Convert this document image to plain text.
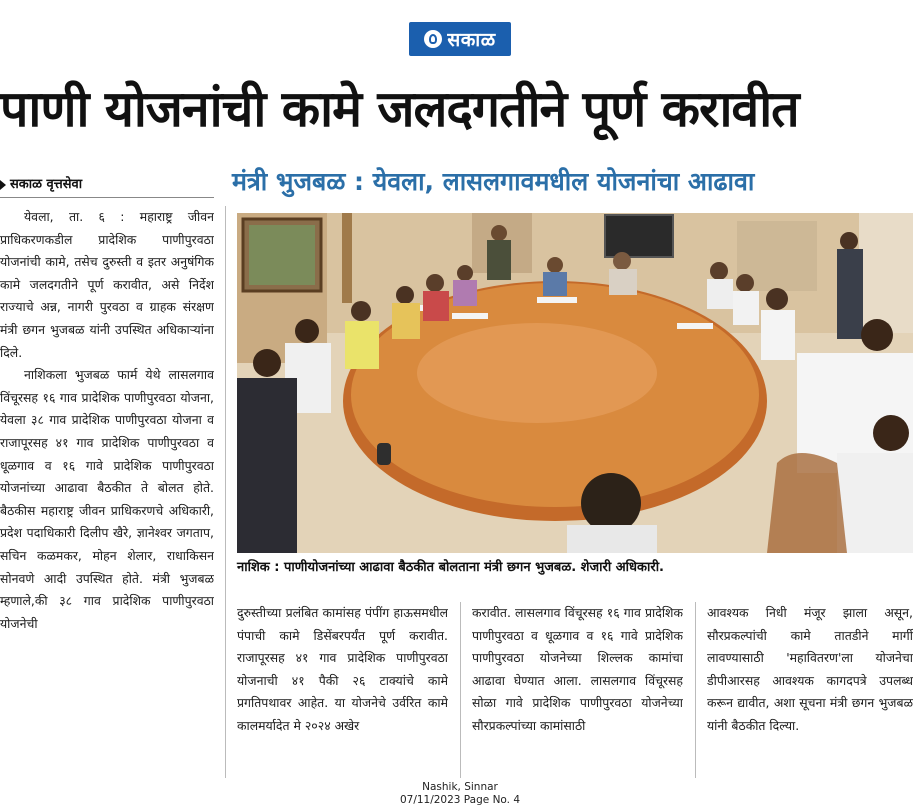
सकाळ
पाणी योजनांची कामे जलदगतीने पूर्ण करावीत
सकाळ वृत्तसेवा	मंत्री भुजबळ : येवला, लासलगावमधील योजनांचा आढावा
नाशिक : पाणीयोजनांच्या आढावा बैठकीत बोलताना मंत्री छगन भुजबळ. शेजारी अधिकारी.

येवला, ता. ६ : महाराष्ट्र जीवन प्राधिकरणकडील प्रादेशिक पाणीपुरवठा योजनांची कामे, तसेच दुरुस्ती व इतर अनुषंगिक कामे जलदगतीने पूर्ण करावीत, असे निर्देश राज्याचे अन्न, नागरी पुरवठा व ग्राहक संरक्षण मंत्री छगन भुजबळ यांनी उपस्थित अधिकाऱ्यांना दिले.

नाशिकला भुजबळ फार्म येथे लासलगाव विंचूरसह १६ गाव प्रादेशिक पाणीपुरवठा योजना, येवला ३८ गाव प्रादेशिक पाणीपुरवठा योजना व राजापूरसह ४१ गाव प्रादेशिक पाणीपुरवठा व धूळगाव व १६ गावे प्रादेशिक पाणीपुरवठा योजनांच्या आढावा बैठकीत ते बोलत होते. बैठकीस महाराष्ट्र जीवन प्राधिकरणचे अधिकारी, प्रदेश पदाधिकारी दिलीप खैरे, ज्ञानेश्वर जगताप, सचिन कळमकर, मोहन शेलार, राधाकिसन सोनवणे आदी उपस्थित होते. मंत्री भुजबळ म्हणाले,की ३८ गाव प्रादेशिक पाणीपुरवठा योजनेची

दुरुस्तीच्या प्रलंबित कामांसह पंपींग हाऊसमधील पंपाची कामे डिसेंबरपर्यंत पूर्ण करावीत. राजापूरसह ४१ गाव प्रादेशिक पाणीपुरवठा योजनाची ४१ पैकी २६ टाक्यांचे कामे प्रगतिपथावर आहेत. या योजनेचे उर्वरित कामे कालमर्यादेत मे २०२४ अखेर

करावीत. लासलगाव विंचूरसह १६ गाव प्रादेशिक पाणीपुरवठा व धूळगाव व १६ गावे प्रादेशिक पाणीपुरवठा योजनेच्या शिल्लक कामांचा आढावा घेण्यात आला. लासलगाव विंचूरसह सोळा गावे प्रादेशिक पाणीपुरवठा योजनेच्या सौरप्रकल्पांच्या कामांसाठी

आवश्यक निधी मंजूर झाला असून, सौरप्रकल्पांची कामे तातडीने मार्गी लावण्यासाठी 'महावितरण'ला योजनेचा डीपीआरसह आवश्यक कागदपत्रे उपलब्ध करून द्यावीत, अशा सूचना मंत्री छगन भुजबळ यांनी बैठकीत दिल्या.

Nashik, Sinnar
07/11/2023 Page No. 4
